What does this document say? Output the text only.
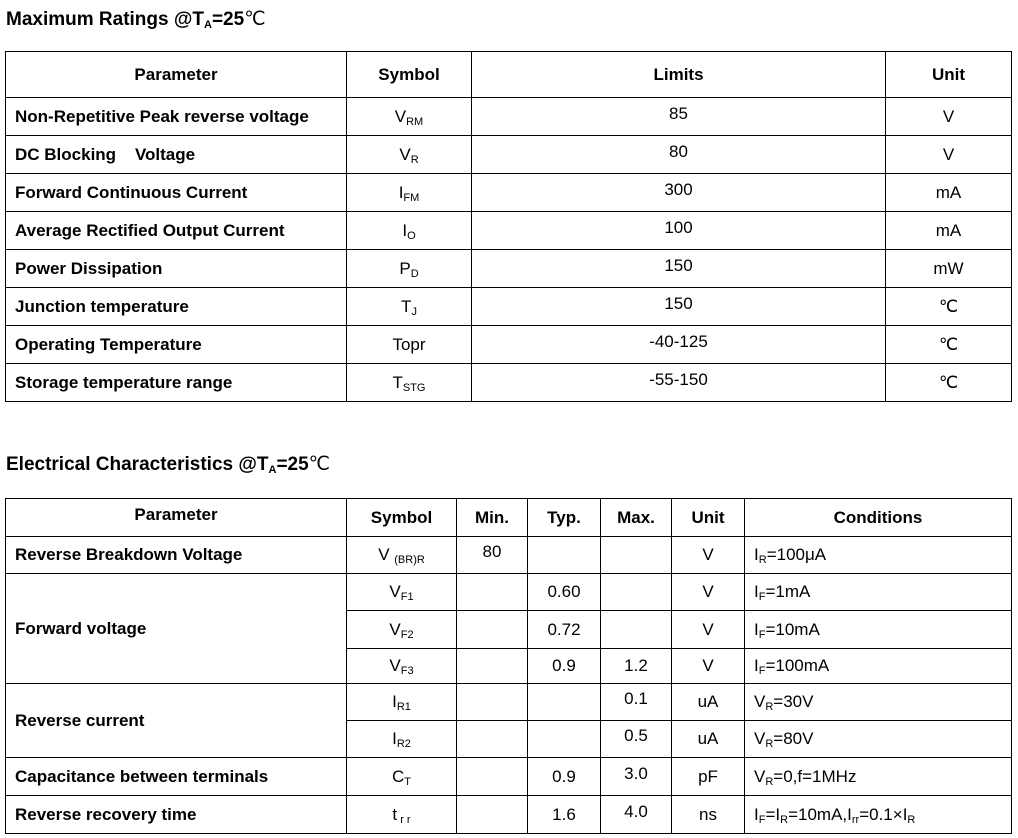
Maximum Ratings $@T_A=25℃$
Parameter	Symbol	Limits	Unit
Non-Repetitive Peak reverse voltage	$V_{RM}$	85	V
DC Blocking    Voltage	$V_R$	80	V
Forward Continuous Current	$I_{FM}$	300	mA
Average Rectified Output Current	$I_O$	100	mA
Power Dissipation	$P_D$	150	mW
Junction temperature	$T_J$	150	℃
Operating Temperature	Topr	-40-125	℃
Storage temperature range	$T_{STG}$	-55-150	℃
Electrical Characteristics $@T_A=25℃$
Parameter	Symbol	Min.	Typ.	Max.	Unit	Conditions
Reverse Breakdown Voltage	V $_{(BR)R}$	80			V	$I_R=100\mu A$
Forward voltage	$V_{F1}$		0.60		V	$I_F=1mA$
	$V_{F2}$		0.72		V	$I_F=10mA$
	$V_{F3}$		0.9	1.2	V	$I_F=100mA$
Reverse current	$I_{R1}$			0.1	uA	$V_R=30V$
	$I_{R2}$			0.5	uA	$V_R=80V$
Capacitance between terminals	$C_T$		0.9	3.0	pF	$V_R=0,f=1MHz$
Reverse recovery time	t $_{r r}$		1.6	4.0	ns	$I_F=I_R=10mA,I_{rr}=0.1\times I_R$
